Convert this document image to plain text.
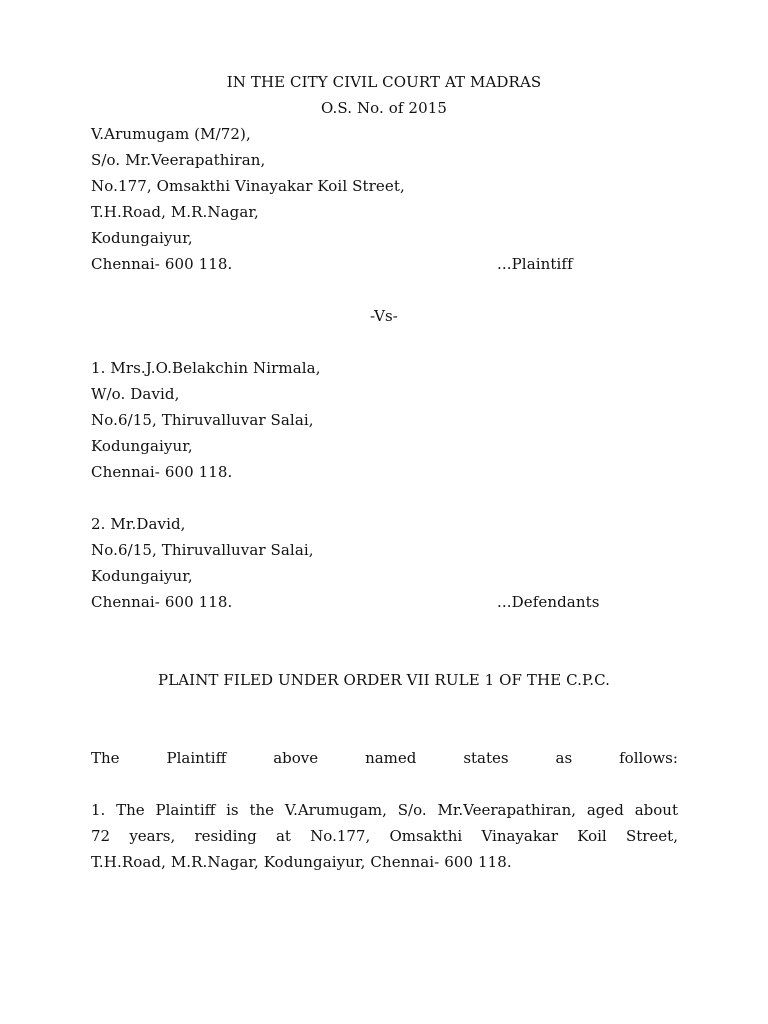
IN THE CITY CIVIL COURT AT MADRAS
O.S. No. of 2015
V.Arumugam (M/72),
S/o. Mr.Veerapathiran,
No.177, Omsakthi Vinayakar Koil Street,
T.H.Road, M.R.Nagar,
Kodungaiyur,
Chennai- 600 118.	...Plaintiff
-Vs-
1. Mrs.J.O.Belakchin Nirmala,
W/o. David,
No.6/15, Thiruvalluvar Salai,
Kodungaiyur,
Chennai- 600 118.
2. Mr.David,
No.6/15, Thiruvalluvar Salai,
Kodungaiyur,
Chennai- 600 118.	...Defendants
PLAINT FILED UNDER ORDER VII RULE 1 OF THE C.P.C.
The	Plaintiff	above	named	states	as	follows:
1. The Plaintiff is the V.Arumugam, S/o. Mr.Veerapathiran, aged about
72 years, residing at No.177, Omsakthi Vinayakar Koil Street,
T.H.Road, M.R.Nagar, Kodungaiyur, Chennai- 600 118.
